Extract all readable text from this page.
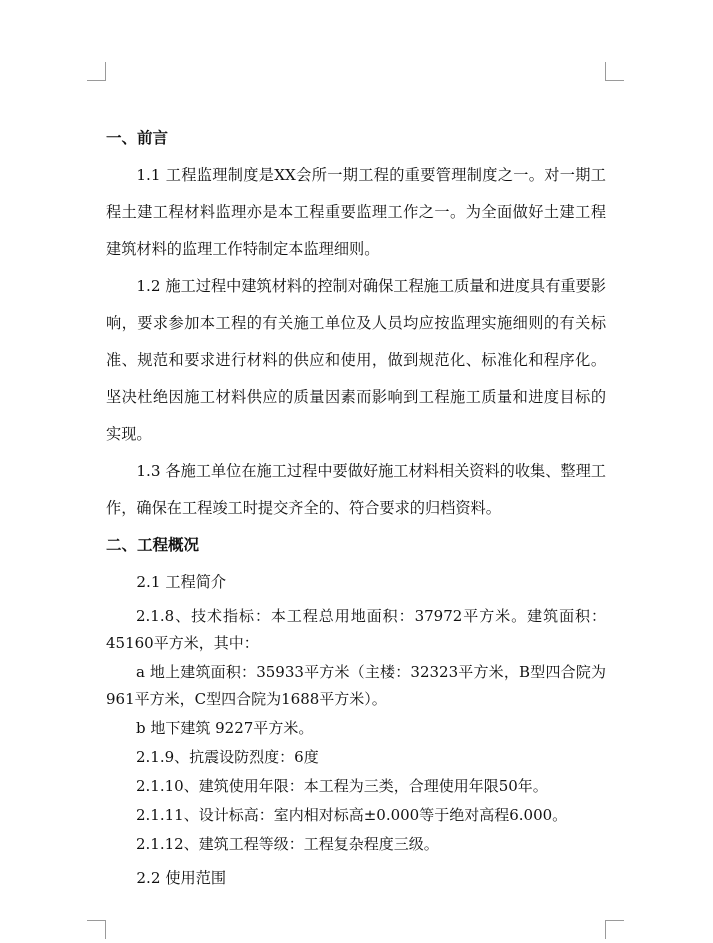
一、前言

1.1 工程监理制度是XX会所一期工程的重要管理制度之一。对一期工程土建工程材料监理亦是本工程重要监理工作之一。为全面做好土建工程建筑材料的监理工作特制定本监理细则。

1.2 施工过程中建筑材料的控制对确保工程施工质量和进度具有重要影响，要求参加本工程的有关施工单位及人员均应按监理实施细则的有关标准、规范和要求进行材料的供应和使用，做到规范化、标准化和程序化。坚决杜绝因施工材料供应的质量因素而影响到工程施工质量和进度目标的实现。

1.3 各施工单位在施工过程中要做好施工材料相关资料的收集、整理工作，确保在工程竣工时提交齐全的、符合要求的归档资料。

二、工程概况

2.1 工程简介

2.1.8、技术指标：本工程总用地面积：37972平方米。建筑面积：45160平方米，其中：

a 地上建筑面积：35933平方米（主楼：32323平方米，B型四合院为961平方米，C型四合院为1688平方米）。

b 地下建筑 9227平方米。

2.1.9、抗震设防烈度：6度

2.1.10、建筑使用年限：本工程为三类，合理使用年限50年。

2.1.11、设计标高：室内相对标高±0.000等于绝对高程6.000。

2.1.12、建筑工程等级：工程复杂程度三级。

2.2 使用范围
